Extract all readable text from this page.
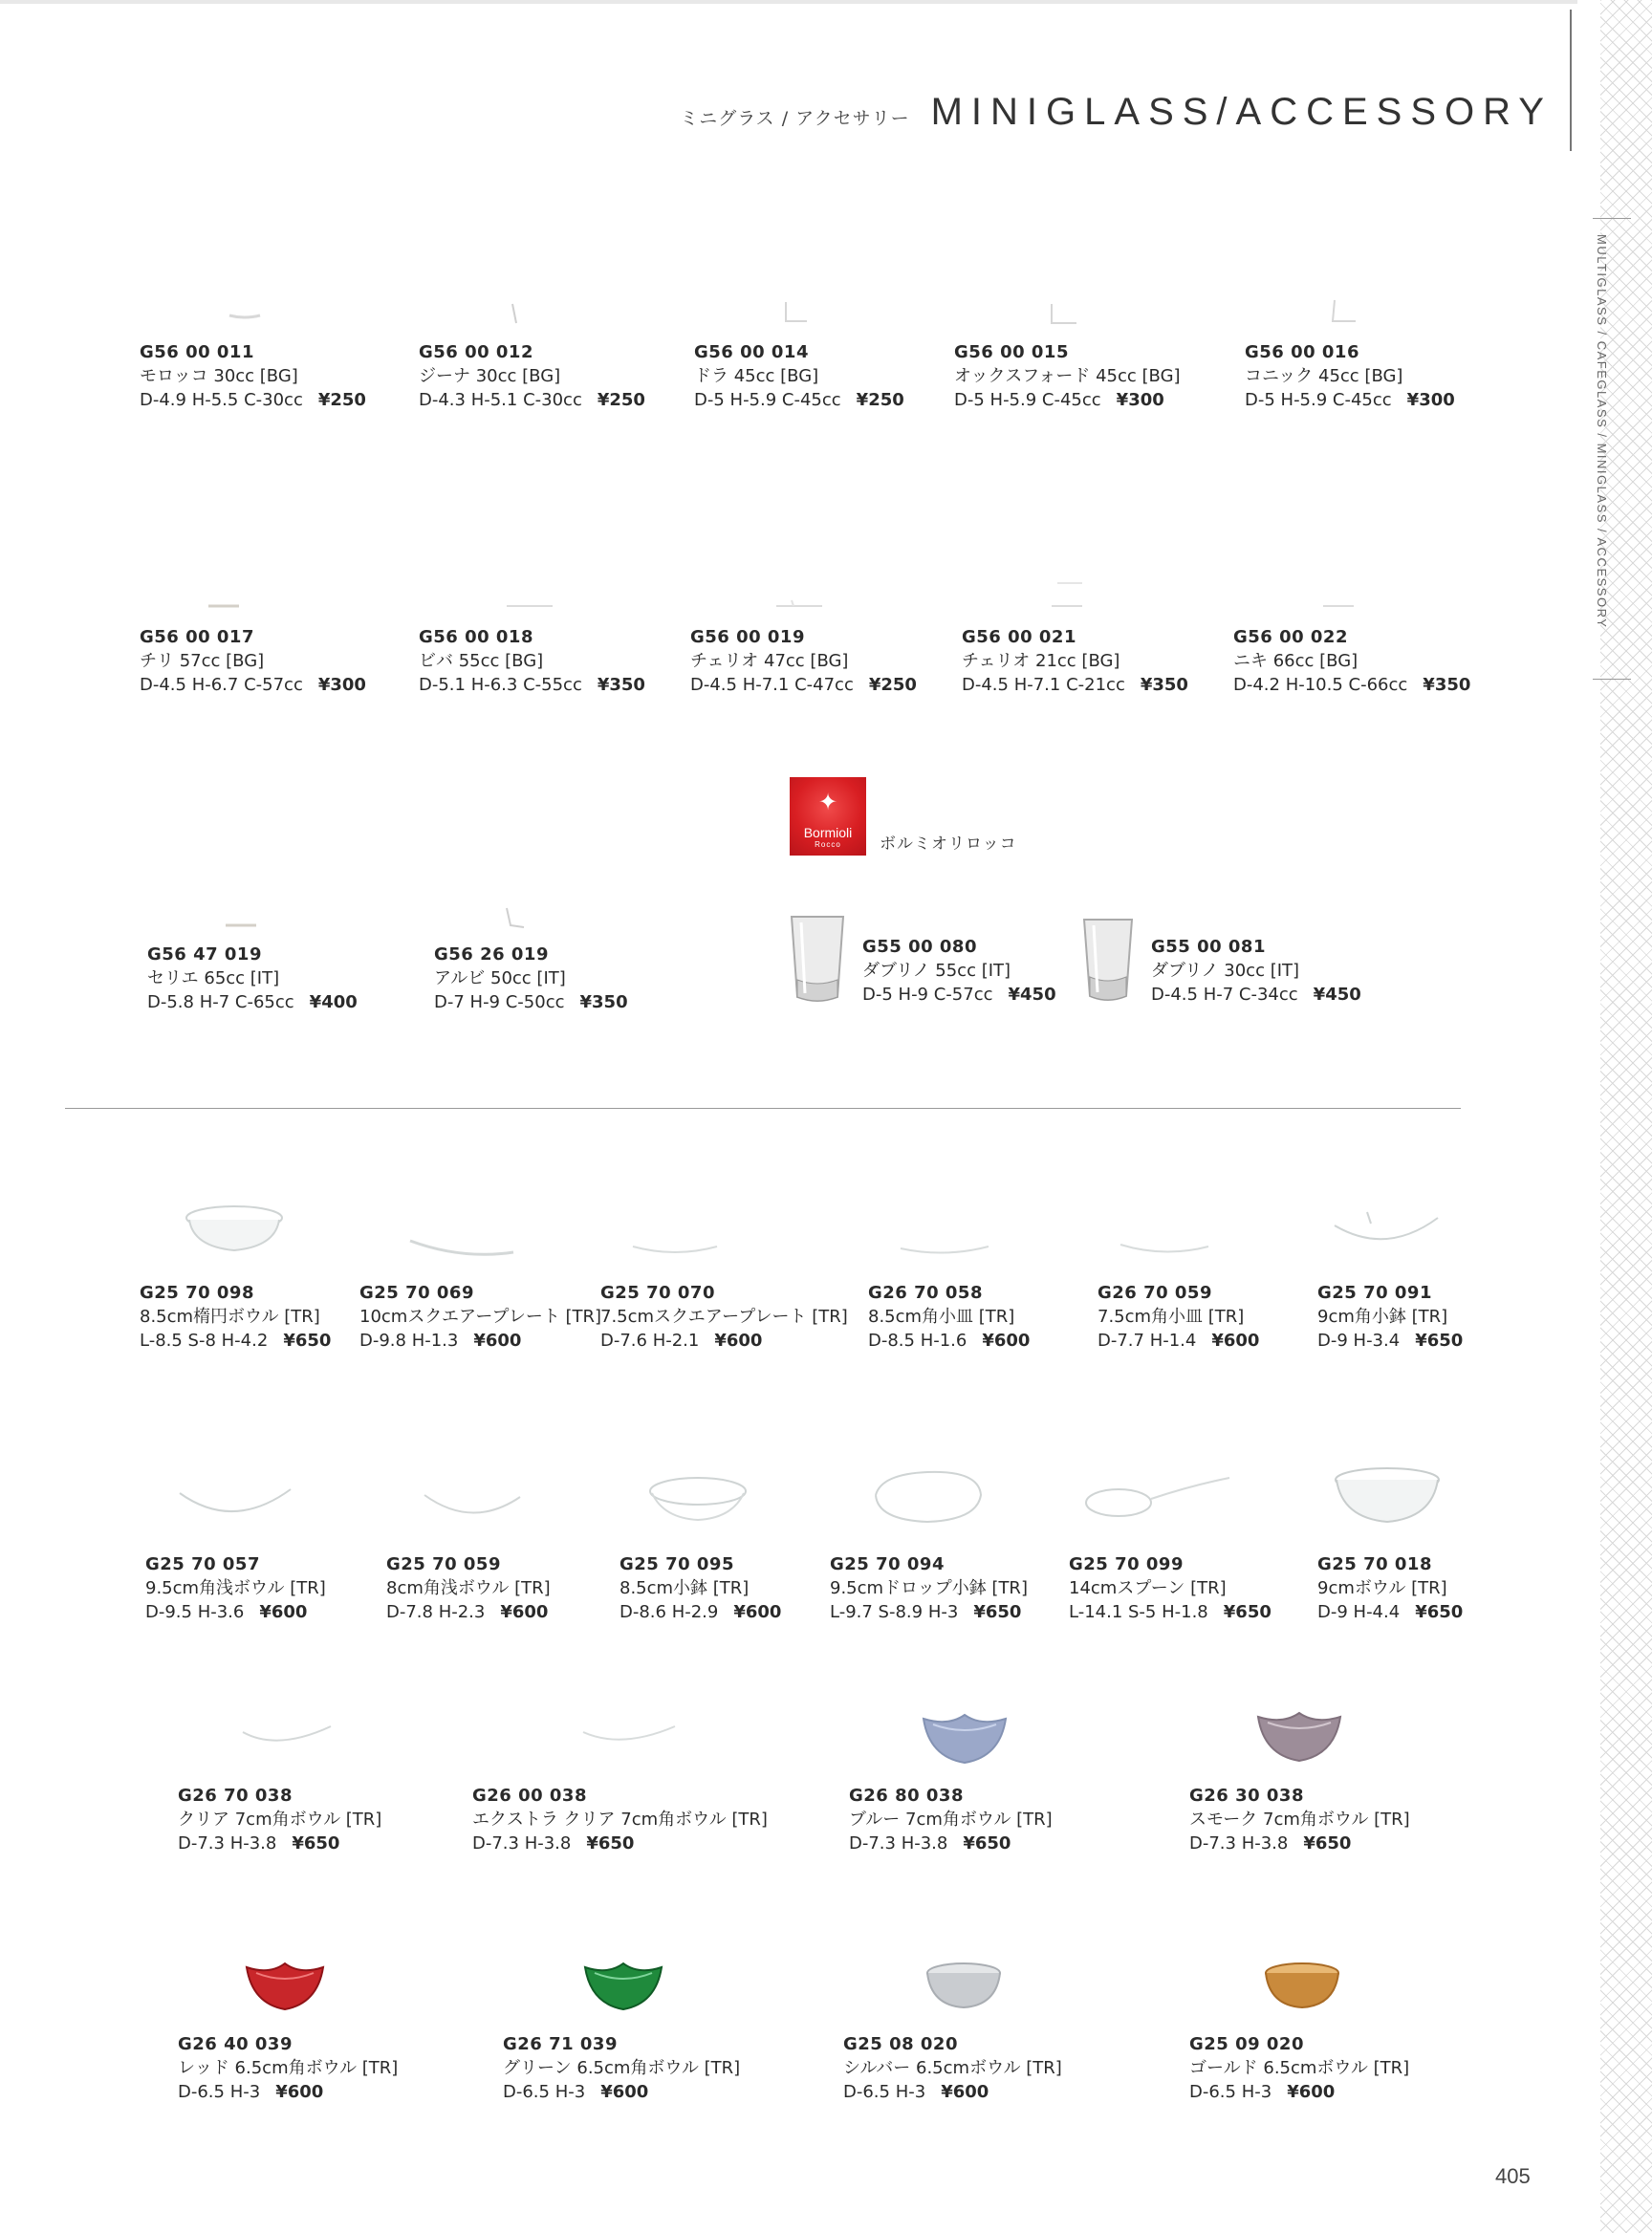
ミニグラス / アクセサリー MINIGLASS/ACCESSORY
MULTIGLASS / CAFEGLASS / MINIGLASS / ACCESSORY
✦
Bormioli
Rocco	ボルミオリロッコ
G56 00 011
モロッコ 30cc [BG]
D-4.9 H-5.5 C-30cc ¥250
G56 00 012
ジーナ 30cc [BG]
D-4.3 H-5.1 C-30cc ¥250
G56 00 014
ドラ 45cc [BG]
D-5 H-5.9 C-45cc ¥250
G56 00 015
オックスフォード 45cc [BG]
D-5 H-5.9 C-45cc ¥300
G56 00 016
コニック 45cc [BG]
D-5 H-5.9 C-45cc ¥300
G56 00 017
チリ 57cc [BG]
D-4.5 H-6.7 C-57cc ¥300
G56 00 018
ビバ 55cc [BG]
D-5.1 H-6.3 C-55cc ¥350
G56 00 019
チェリオ 47cc [BG]
D-4.5 H-7.1 C-47cc ¥250
G56 00 021
チェリオ 21cc [BG]
D-4.5 H-7.1 C-21cc ¥350
G56 00 022
ニキ 66cc [BG]
D-4.2 H-10.5 C-66cc ¥350
G56 47 019
セリエ 65cc [IT]
D-5.8 H-7 C-65cc ¥400
G56 26 019
アルビ 50cc [IT]
D-7 H-9 C-50cc ¥350
G55 00 080
ダブリノ 55cc [IT]
D-5 H-9 C-57cc ¥450
G55 00 081
ダブリノ 30cc [IT]
D-4.5 H-7 C-34cc ¥450
G25 70 098
8.5cm楕円ボウル [TR]
L-8.5 S-8 H-4.2 ¥650
G25 70 069
10cmスクエアープレート [TR]
D-9.8 H-1.3 ¥600
G25 70 070
7.5cmスクエアープレート [TR]
D-7.6 H-2.1 ¥600
G26 70 058
8.5cm角小皿 [TR]
D-8.5 H-1.6 ¥600
G26 70 059
7.5cm角小皿 [TR]
D-7.7 H-1.4 ¥600
G25 70 091
9cm角小鉢 [TR]
D-9 H-3.4 ¥650
G25 70 057
9.5cm角浅ボウル [TR]
D-9.5 H-3.6 ¥600
G25 70 059
8cm角浅ボウル [TR]
D-7.8 H-2.3 ¥600
G25 70 095
8.5cm小鉢 [TR]
D-8.6 H-2.9 ¥600
G25 70 094
9.5cmドロップ小鉢 [TR]
L-9.7 S-8.9 H-3 ¥650
G25 70 099
14cmスプーン [TR]
L-14.1 S-5 H-1.8 ¥650
G25 70 018
9cmボウル [TR]
D-9 H-4.4 ¥650
G26 70 038
クリア 7cm角ボウル [TR]
D-7.3 H-3.8 ¥650
G26 00 038
エクストラ クリア 7cm角ボウル [TR]
D-7.3 H-3.8 ¥650
G26 80 038
ブルー 7cm角ボウル [TR]
D-7.3 H-3.8 ¥650
G26 30 038
スモーク 7cm角ボウル [TR]
D-7.3 H-3.8 ¥650
G26 40 039
レッド 6.5cm角ボウル [TR]
D-6.5 H-3 ¥600
G26 71 039
グリーン 6.5cm角ボウル [TR]
D-6.5 H-3 ¥600
G25 08 020
シルバー 6.5cmボウル [TR]
D-6.5 H-3 ¥600
G25 09 020
ゴールド 6.5cmボウル [TR]
D-6.5 H-3 ¥600
405
